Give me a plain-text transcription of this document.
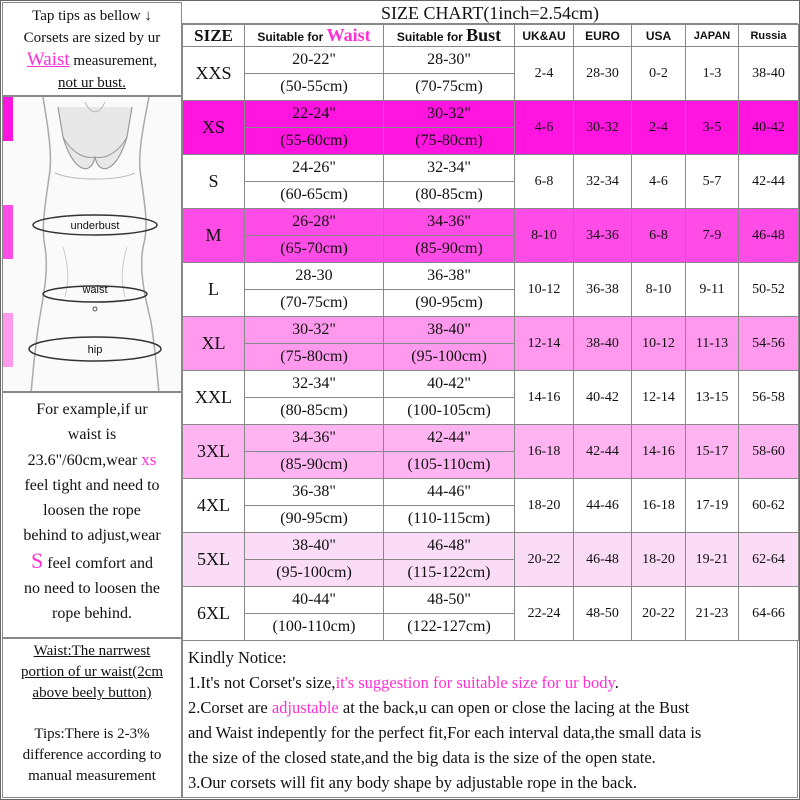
Tap tips as bellow ↓
Corsets are sized by ur
Waist measurement,
not ur bust.
underbust
waist
hip
For example,if ur
waist is
23.6"/60cm,wear xs
feel tight and need to
loosen the rope
behind to adjust,wear
S feel comfort and
no need to loosen the
rope behind.
Waist:The narrwest
portion of ur waist(2cm
above beely button)
Tips:There is 2-3%
difference according to
manual measurement
SIZE CHART(1inch=2.54cm)
SIZE	Suitable for Waist	Suitable for Bust	UK&AU	EURO	USA	JAPAN	Russia
XXS	20-22"	28-30"	2-4	28-30	0-2	1-3	38-40
	(50-55cm)	(70-75cm)					
XS	22-24"	30-32"	4-6	30-32	2-4	3-5	40-42
	(55-60cm)	(75-80cm)					
S	24-26"	32-34"	6-8	32-34	4-6	5-7	42-44
	(60-65cm)	(80-85cm)					
M	26-28"	34-36"	8-10	34-36	6-8	7-9	46-48
	(65-70cm)	(85-90cm)					
L	28-30	36-38"	10-12	36-38	8-10	9-11	50-52
	(70-75cm)	(90-95cm)					
XL	30-32"	38-40"	12-14	38-40	10-12	11-13	54-56
	(75-80cm)	(95-100cm)					
XXL	32-34"	40-42"	14-16	40-42	12-14	13-15	56-58
	(80-85cm)	(100-105cm)					
3XL	34-36"	42-44"	16-18	42-44	14-16	15-17	58-60
	(85-90cm)	(105-110cm)					
4XL	36-38"	44-46"	18-20	44-46	16-18	17-19	60-62
	(90-95cm)	(110-115cm)					
5XL	38-40"	46-48"	20-22	46-48	18-20	19-21	62-64
	(95-100cm)	(115-122cm)					
6XL	40-44"	48-50"	22-24	48-50	20-22	21-23	64-66
	(100-110cm)	(122-127cm)					
Kindly Notice:
1.It's not Corset's size,it's suggestion for suitable size for ur body.
2.Corset are adjustable at the back,u can open or close the lacing at the Bust
and Waist indepently for the perfect fit,For each interval data,the small data is
the size of the closed state,and the big data is the size of the open state.
3.Our corsets will fit any body shape by adjustable rope in the back.
